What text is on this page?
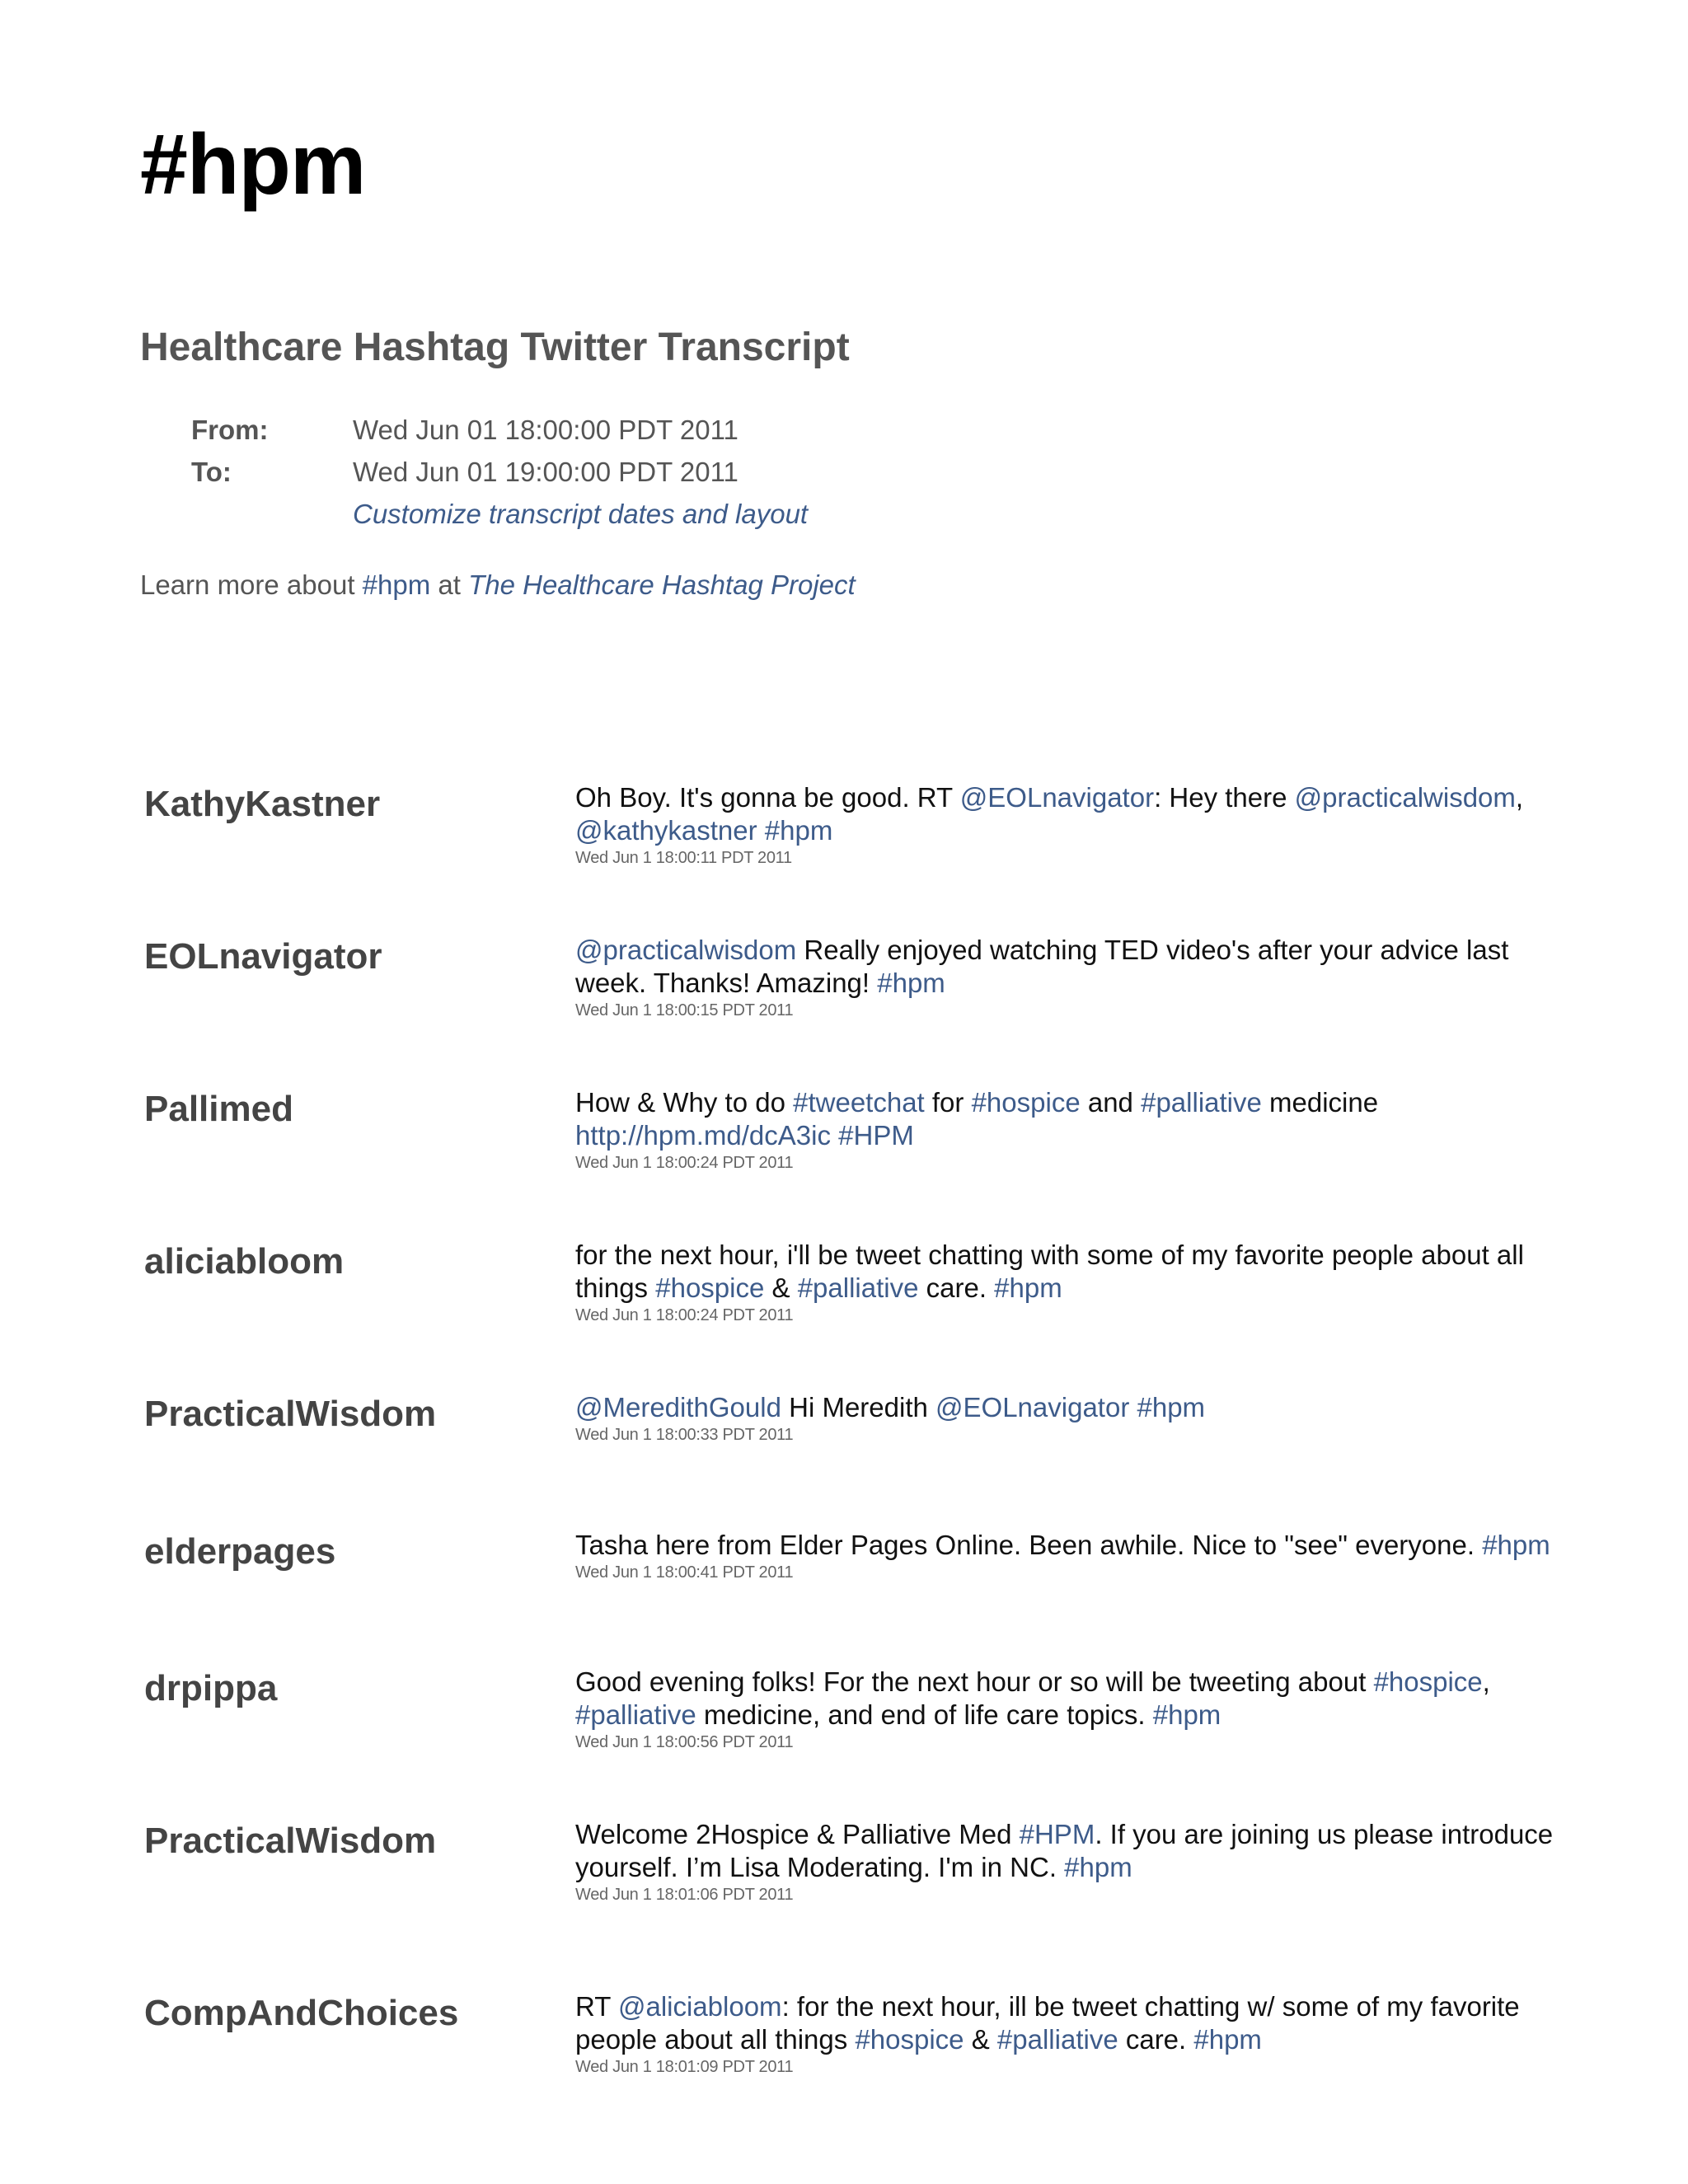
#hpm
Healthcare Hashtag Twitter Transcript
From:	Wed Jun 01 18:00:00 PDT 2011
To:	Wed Jun 01 19:00:00 PDT 2011
Customize transcript dates and layout
Learn more about #hpm at The Healthcare Hashtag Project
KathyKastner	Oh Boy. It's gonna be good. RT @EOLnavigator: Hey there @practicalwisdom,
@kathykastner #hpm
Wed Jun 1 18:00:11 PDT 2011
EOLnavigator	@practicalwisdom Really enjoyed watching TED video's after your advice last
week. Thanks! Amazing! #hpm
Wed Jun 1 18:00:15 PDT 2011
Pallimed	How & Why to do #tweetchat for #hospice and #palliative medicine
http://hpm.md/dcA3ic #HPM
Wed Jun 1 18:00:24 PDT 2011
aliciabloom	for the next hour, i'll be tweet chatting with some of my favorite people about all
things #hospice & #palliative care. #hpm
Wed Jun 1 18:00:24 PDT 2011
PracticalWisdom	@MeredithGould Hi Meredith @EOLnavigator #hpm
Wed Jun 1 18:00:33 PDT 2011
elderpages	Tasha here from Elder Pages Online. Been awhile. Nice to "see" everyone. #hpm
Wed Jun 1 18:00:41 PDT 2011
drpippa	Good evening folks! For the next hour or so will be tweeting about #hospice,
#palliative medicine, and end of life care topics. #hpm
Wed Jun 1 18:00:56 PDT 2011
PracticalWisdom	Welcome 2Hospice & Palliative Med #HPM. If you are joining us please introduce
yourself. I’m Lisa Moderating. I'm in NC. #hpm
Wed Jun 1 18:01:06 PDT 2011
CompAndChoices	RT @aliciabloom: for the next hour, ill be tweet chatting w/ some of my favorite
people about all things #hospice & #palliative care. #hpm
Wed Jun 1 18:01:09 PDT 2011
